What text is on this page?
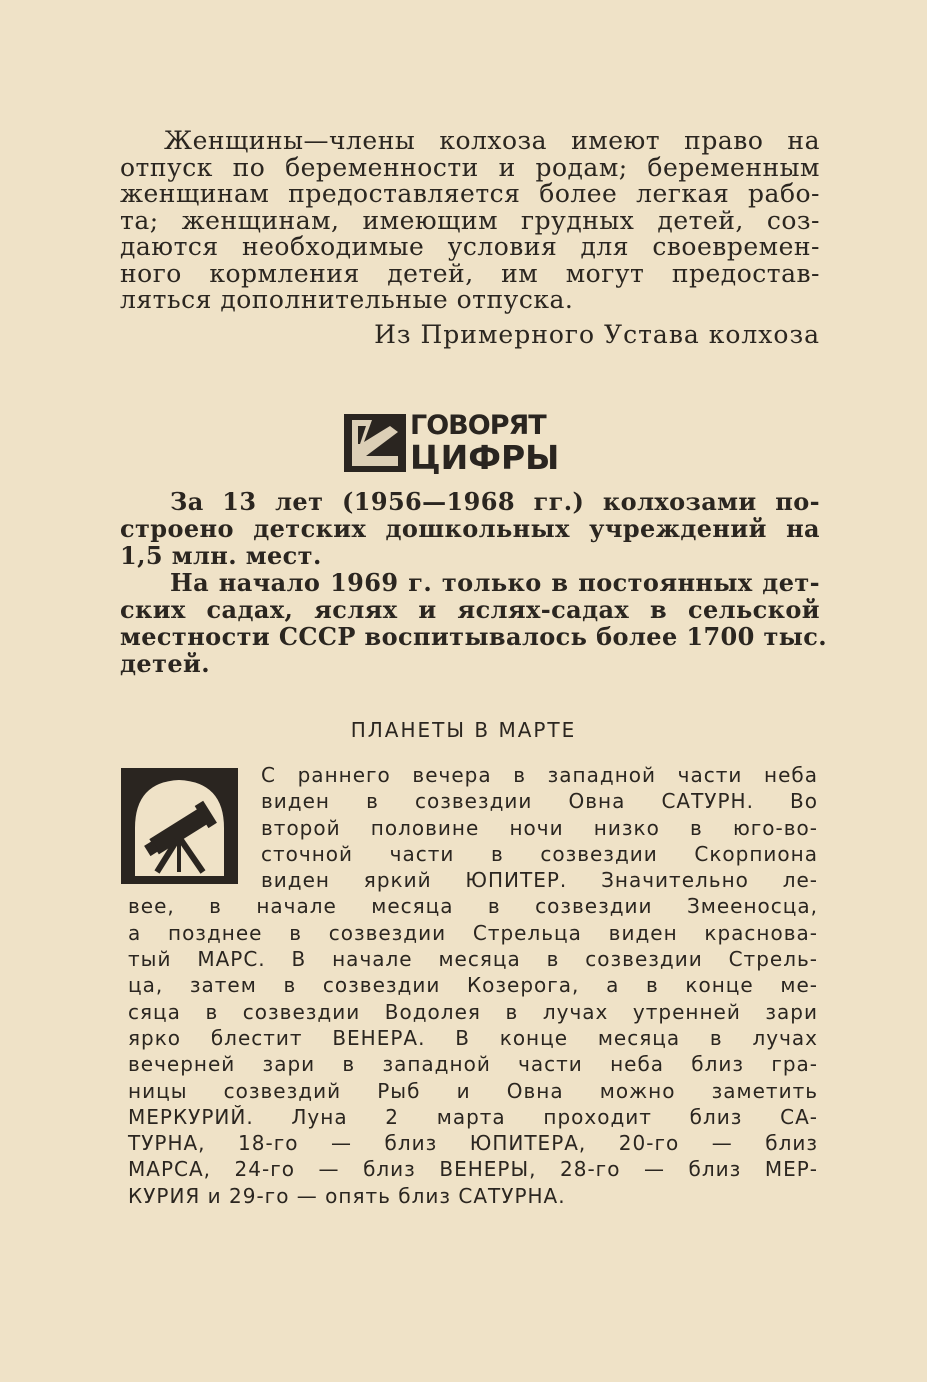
Женщины—члены колхоза имеют право на
отпуск по беременности и родам; беременным
женщинам предоставляется более легкая рабо-
та; женщинам, имеющим грудных детей, соз-
даются необходимые условия для своевремен-
ного кормления детей, им могут предостав-
ляться дополнительные отпуска.
Из Примерного Устава колхоза
ГОВОРЯТ
ЦИФРЫ
За 13 лет (1956—1968 гг.) колхозами по-
строено детских дошкольных учреждений на
1,5 млн. мест.
На начало 1969 г. только в постоянных дет-
ских садах, яслях и яслях-садах в сельской
местности СССР воспитывалось более 1700 тыс.
детей.
ПЛАНЕТЫ В МАРТЕ
С раннего вечера в западной части неба
виден в созвездии Овна САТУРН. Во
второй половине ночи низко в юго-во-
сточной части в созвездии Скорпиона
виден яркий ЮПИТЕР. Значительно ле-
вее, в начале месяца в созвездии Змееносца,
а позднее в созвездии Стрельца виден красновa-
тый МАРС. В начале месяца в созвездии Стрель-
ца, затем в созвездии Козерога, а в конце ме-
сяца в созвездии Водолея в лучах утренней зари
ярко блестит ВЕНЕРА. В конце месяца в лучах
вечерней зари в западной части неба близ гра-
ницы созвездий Рыб и Овна можно заметить
МЕРКУРИЙ. Луна 2 марта проходит близ СА-
ТУРНА, 18-го — близ ЮПИТЕРА, 20-го — близ
МАРСА, 24-го — близ ВЕНЕРЫ, 28-го — близ МЕР-
КУРИЯ и 29-го — опять близ САТУРНА.
